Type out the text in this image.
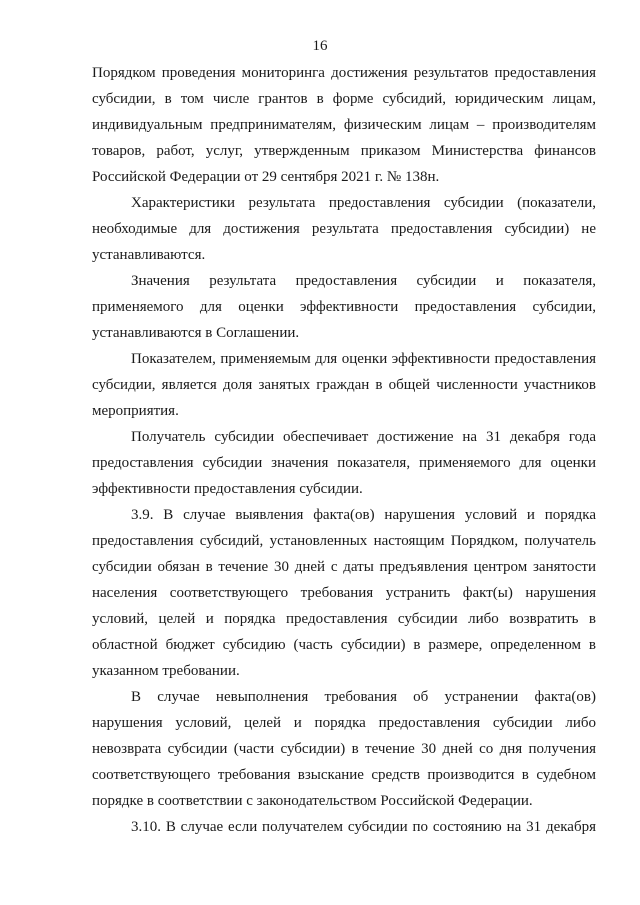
16
Порядком проведения мониторинга достижения результатов предоставления
субсидии, в том числе грантов в форме субсидий, юридическим лицам,
индивидуальным предпринимателям, физическим лицам – производителям
товаров, работ, услуг, утвержденным приказом Министерства финансов
Российской Федерации от 29 сентября 2021 г. № 138н.
Характеристики результата предоставления субсидии (показатели,
необходимые для достижения результата предоставления субсидии) не
устанавливаются.
Значения результата предоставления субсидии и показателя,
применяемого для оценки эффективности предоставления субсидии,
устанавливаются в Соглашении.
Показателем, применяемым для оценки эффективности предоставления
субсидии, является доля занятых граждан в общей численности участников
мероприятия.
Получатель субсидии обеспечивает достижение на 31 декабря года
предоставления субсидии значения показателя, применяемого для оценки
эффективности предоставления субсидии.
3.9. В случае выявления факта(ов) нарушения условий и порядка
предоставления субсидий, установленных настоящим Порядком, получатель
субсидии обязан в течение 30 дней с даты предъявления центром занятости
населения соответствующего требования устранить факт(ы) нарушения
условий, целей и порядка предоставления субсидии либо возвратить в
областной бюджет субсидию (часть субсидии) в размере, определенном в
указанном требовании.
В случае невыполнения требования об устранении факта(ов)
нарушения условий, целей и порядка предоставления субсидии либо
невозврата субсидии (части субсидии) в течение 30 дней со дня получения
соответствующего требования взыскание средств производится в судебном
порядке в соответствии с законодательством Российской Федерации.
3.10. В случае если получателем субсидии по состоянию на 31 декабря
